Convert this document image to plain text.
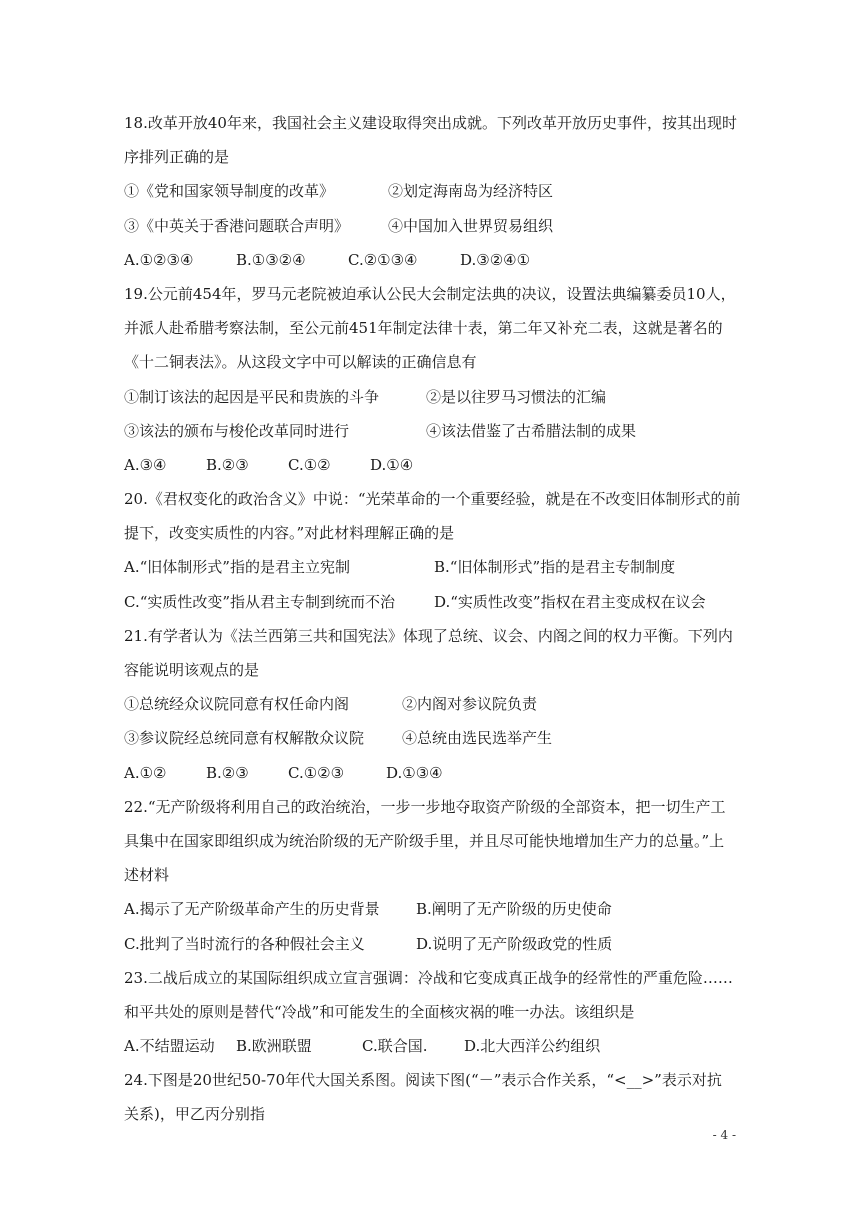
18.改革开放40年来，我国社会主义建设取得突出成就。下列改革开放历史事件，按其出现时
序排列正确的是
①《党和国家领导制度的改革》	②划定海南岛为经济特区
③《中英关于香港问题联合声明》	④中国加入世界贸易组织
A.①②③④	B.①③②④	C.②①③④	D.③②④①
19.公元前454年，罗马元老院被迫承认公民大会制定法典的决议，设置法典编纂委员10人，
并派人赴希腊考察法制，至公元前451年制定法律十表，第二年又补充二表，这就是著名的
《十二铜表法》。从这段文字中可以解读的正确信息有
①制订该法的起因是平民和贵族的斗争	②是以往罗马习惯法的汇编
③该法的颁布与梭伦改革同时进行	④该法借鉴了古希腊法制的成果
A.③④	B.②③	C.①②	D.①④
20.《君权变化的政治含义》中说：“光荣革命的一个重要经验，就是在不改变旧体制形式的前
提下，改变实质性的内容。”对此材料理解正确的是
A.“旧体制形式”指的是君主立宪制	B.“旧体制形式”指的是君主专制制度
C.“实质性改变”指从君主专制到统而不治	D.“实质性改变”指权在君主变成权在议会
21.有学者认为《法兰西第三共和国宪法》体现了总统、议会、内阁之间的权力平衡。下列内
容能说明该观点的是
①总统经众议院同意有权任命内阁	②内阁对参议院负责
③参议院经总统同意有权解散众议院	④总统由选民选举产生
A.①②	B.②③	C.①②③	D.①③④
22.“无产阶级将利用自己的政治统治，一步一步地夺取资产阶级的全部资本，把一切生产工
具集中在国家即组织成为统治阶级的无产阶级手里，并且尽可能快地增加生产力的总量。”上
述材料
A.揭示了无产阶级革命产生的历史背景 B.阐明了无产阶级的历史使命
C.批判了当时流行的各种假社会主义	D.说明了无产阶级政党的性质
23.二战后成立的某国际组织成立宣言强调：冷战和它变成真正战争的经常性的严重危险……
和平共处的原则是替代“冷战”和可能发生的全面核灾祸的唯一办法。该组织是
A.不结盟运动 B.欧洲联盟	C.联合国. D.北大西洋公约组织
24.下图是20世纪50-70年代大国关系图。阅读下图(“－”表示合作关系，“<__>”表示对抗
关系)，甲乙丙分别指
- 4 -
